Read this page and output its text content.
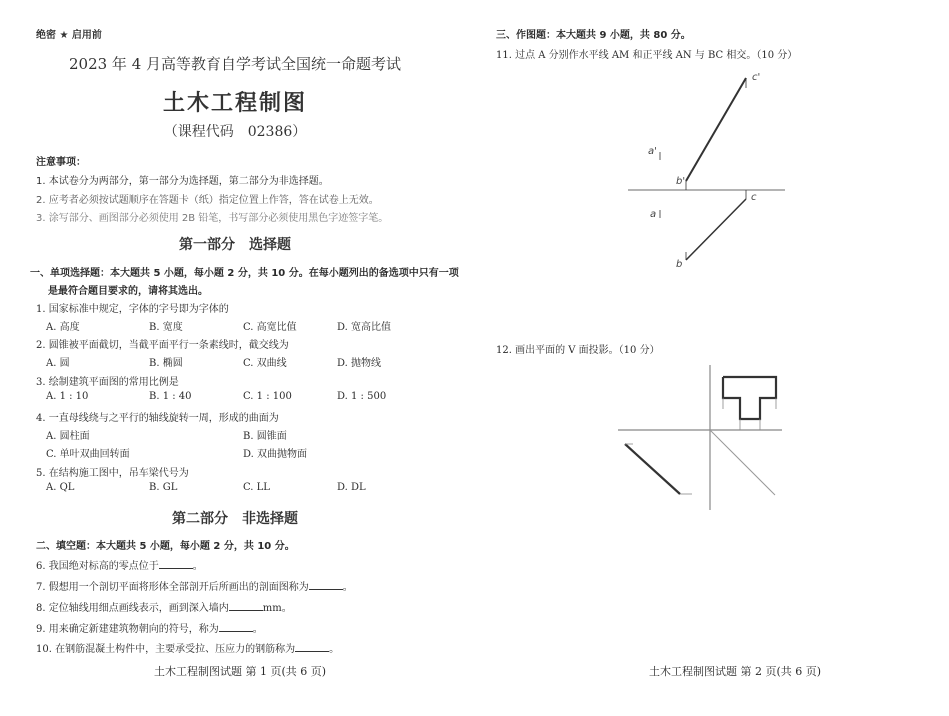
绝密 ★ 启用前
2023 年 4 月高等教育自学考试全国统一命题考试
土木工程制图
（课程代码　02386）
注意事项：
1. 本试卷分为两部分，第一部分为选择题，第二部分为非选择题。
2. 应考者必须按试题顺序在答题卡（纸）指定位置上作答，答在试卷上无效。
3. 涂写部分、画图部分必须使用 2B 铅笔，书写部分必须使用黑色字迹签字笔。
第一部分　选择题
一、单项选择题：本大题共 5 小题，每小题 2 分，共 10 分。在每小题列出的备选项中只有一项
是最符合题目要求的，请将其选出。
1. 国家标准中规定，字体的字号即为字体的
A. 高度	B. 宽度	C. 高宽比值	D. 宽高比值
2. 圆锥被平面截切，当截平面平行一条素线时，截交线为
A. 圆	B. 椭圆	C. 双曲线	D. 抛物线
3. 绘制建筑平面图的常用比例是
A. 1 : 10	B. 1 : 40	C. 1 : 100	D. 1 : 500
4. 一直母线绕与之平行的轴线旋转一周，形成的曲面为
A. 圆柱面	B. 圆锥面
C. 单叶双曲回转面	D. 双曲抛物面
5. 在结构施工图中，吊车梁代号为
A. QL	B. GL	C. LL	D. DL
第二部分　非选择题
二、填空题：本大题共 5 小题，每小题 2 分，共 10 分。
6. 我国绝对标高的零点位于	。
7. 假想用一个剖切平面将形体全部剖开后所画出的剖面图称为	。
8. 定位轴线用细点画线表示，画到深入墙内	mm。
9. 用来确定新建建筑物朝向的符号，称为	。
10. 在钢筋混凝土构件中，主要承受拉、压应力的钢筋称为	。
土木工程制图试题 第 1 页(共 6 页)
三、作图题：本大题共 9 小题，共 80 分。
11. 过点 A 分别作水平线 AM 和正平线 AN 与 BC 相交。（10 分）
c'
a'
b'
c
a
b
12. 画出平面的 V 面投影。（10 分）
土木工程制图试题 第 2 页(共 6 页)
